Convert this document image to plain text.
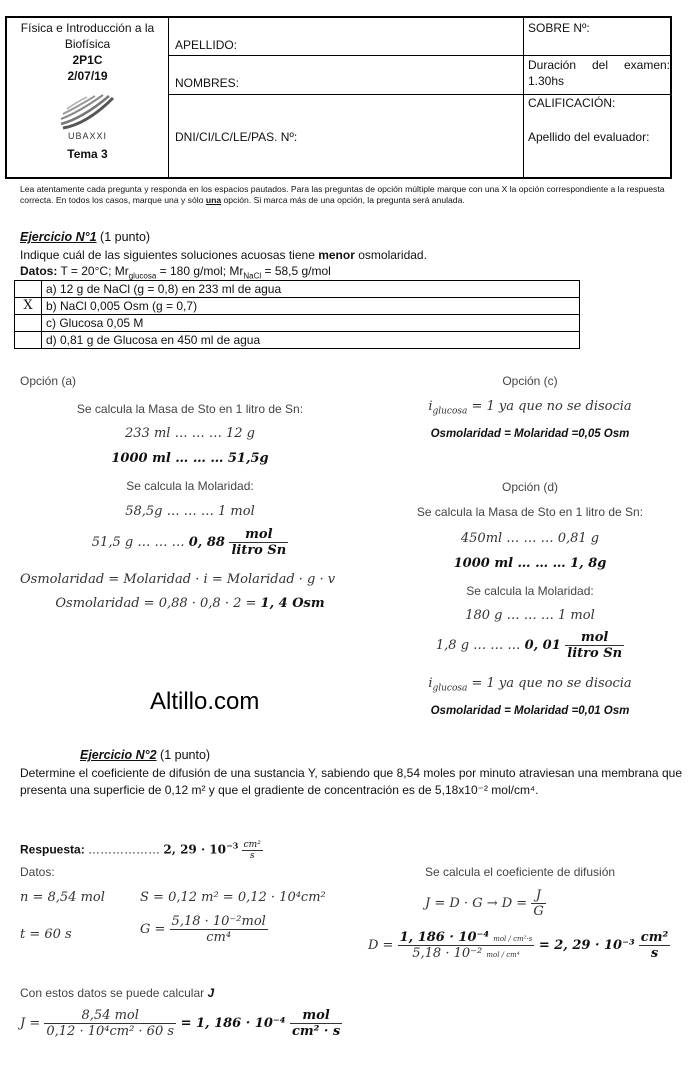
Física e Introducción a la
Biofísica
2P1C
2/07/19
UBAXXI
Tema 3
APELLIDO:
NOMBRES:
DNI/CI/LC/LE/PAS. Nº:
SOBRE Nº:
Duración del examen: 1.30hs
CALIFICACIÓN:
Apellido del evaluador:
Lea atentamente cada pregunta y responda en los espacios pautados. Para las preguntas de opción múltiple marque con una X la opción correspondiente a la respuesta correcta. En todos los casos, marque una y sólo una opción. Si marca más de una opción, la pregunta será anulada.
Ejercicio N°1 (1 punto)
Indique cuál de las siguientes soluciones acuosas tiene menor osmolaridad.
Datos: T = 20°C; $Mr_{glucosa} = 180$ g/mol; $Mr_{NaCl} = 58,5$ g/mol
	a) 12 g de NaCl (g = 0,8) en 233 ml de agua
X	b) NaCl 0,005 Osm (g = 0,7)
	c) Glucosa 0,05 M
	d) 0,81 g de Glucosa en 450 ml de agua
Opción (a)
Se calcula la Masa de Sto en 1 litro de Sn:
233 ml … … … 12 g
1000 ml … … … 51,5g
Se calcula la Molaridad:
58,5g … … … 1 mol
51,5 g … … … 0, $88 \frac{\text{mol}}{\text{litro Sn}}$
Osmolaridad = Molaridad · i = Molaridad · g · v
Osmolaridad = 0,88 · 0,8 · 2 = 1, 4 Osm
Opción (c)
$i_{glucosa} = 1$ ya que no se disocia
Osmolaridad = Molaridad =0,05 Osm
Opción (d)
Se calcula la Masa de Sto en 1 litro de Sn:
450ml … … … 0,81 g
1000 ml … … … 1, 8g
Se calcula la Molaridad:
180 g … … … 1 mol
1,8 g … … … 0, $01 \frac{\text{mol}}{\text{litro Sn}}$
$i_{glucosa} = 1$ ya que no se disocia
Osmolaridad = Molaridad =0,01 Osm
Altillo.com
Ejercicio N°2 (1 punto)
Determine el coeficiente de difusión de una sustancia Y, sabiendo que 8,54 moles por minuto atraviesan una membrana que presenta una superficie de 0,12 m² y que el gradiente de concentración es de 5,18x10⁻² mol/cm⁴.
Respuesta: ……………… 2, $29 \cdot 10^{-3} \frac{\text{cm²}}{s}$
Datos:
n = 8,54 mol	S = 0,12 m² = 0,12 · 10⁴cm²
t = 60 s	$G = \frac{\text{5,18 · 10⁻²mol}}{\text{cm⁴}}$
Se calcula el coeficiente de difusión
$J = D \cdot G \to D = \frac{J}{G}$
$D = \frac{\text{1, 186 · 10⁻⁴ mol / cm²·s}}{\text{5,18 · 10⁻² mol / cm⁴}} = 2$, $29 \cdot 10^{-3} \frac{\text{cm²}}{s}$
Con estos datos se puede calcular J
$J = \frac{\text{8,54 mol}}{\text{0,12 · 10⁴cm² · 60 s}} = 1$, $186 \cdot 10^{-4} \frac{\text{mol}}{\text{cm² · s}}$
